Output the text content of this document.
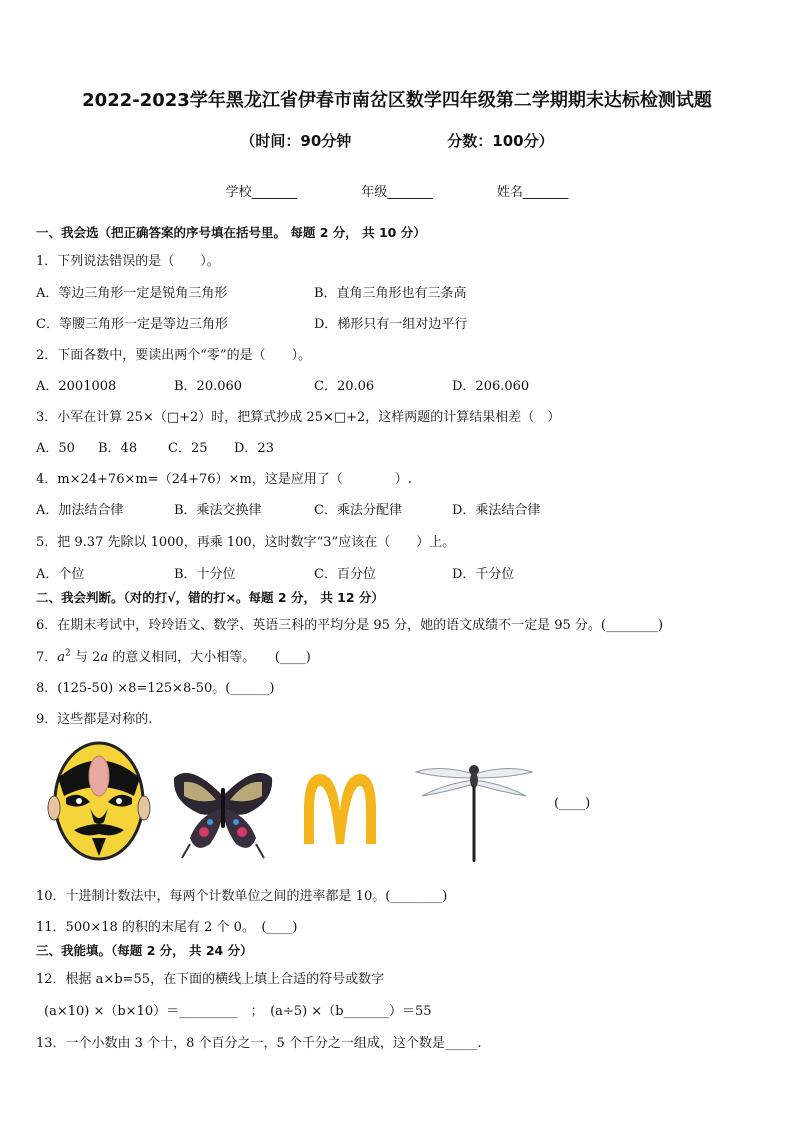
2022-2023学年黑龙江省伊春市南岔区数学四年级第二学期期末达标检测试题
（时间：90分钟	分数：100分）
学校_______	年级_______	姓名_______
一、我会选（把正确答案的序号填在括号里。 每题 2 分， 共 10 分）
1．下列说法错误的是（　　）。
A．等边三角形一定是锐角三角形	B．直角三角形也有三条高
C．等腰三角形一定是等边三角形	D．梯形只有一组对边平行
2．下面各数中，要读出两个“零”的是（　　）。
A．2001008	B．20.060	C．20.06	D．206.060
3．小军在计算 25×（□+2）时，把算式抄成 25×□+2，这样两题的计算结果相差（　）
A．50 B．48 C．25 D．23
4．m×24+76×m=（24+76）×m，这是应用了（　　　　）.
A．加法结合律	B．乘法交换律	C．乘法分配律	D．乘法结合律
5．把 9.37 先除以 1000，再乘 100，这时数字“3”应该在（　　）上。
A．个位	B．十分位	C．百分位	D．千分位
二、我会判断。（对的打√，错的打×。每题 2 分， 共 12 分）
6．在期末考试中，玲玲语文、数学、英语三科的平均分是 95 分，她的语文成绩不一定是 95 分。(________)
7．$a^2$ 与 2a 的意义相同，大小相等。　　(____)
8．(125-50) ×8=125×8-50。(______)
9．这些都是对称的.
(____)
10．十进制计数法中，每两个计数单位之间的进率都是 10。(________)
11．500×18 的积的末尾有 2 个 0。　(____)
三、我能填。（每题 2 分， 共 24 分）
12．根据 a×b=55，在下面的横线上填上合适的符号或数字
(a×10) ×（b×10）＝_________　；　(a÷5) ×（b_______）＝55
13．一个小数由 3 个十，8 个百分之一，5 个千分之一组成，这个数是_____.
